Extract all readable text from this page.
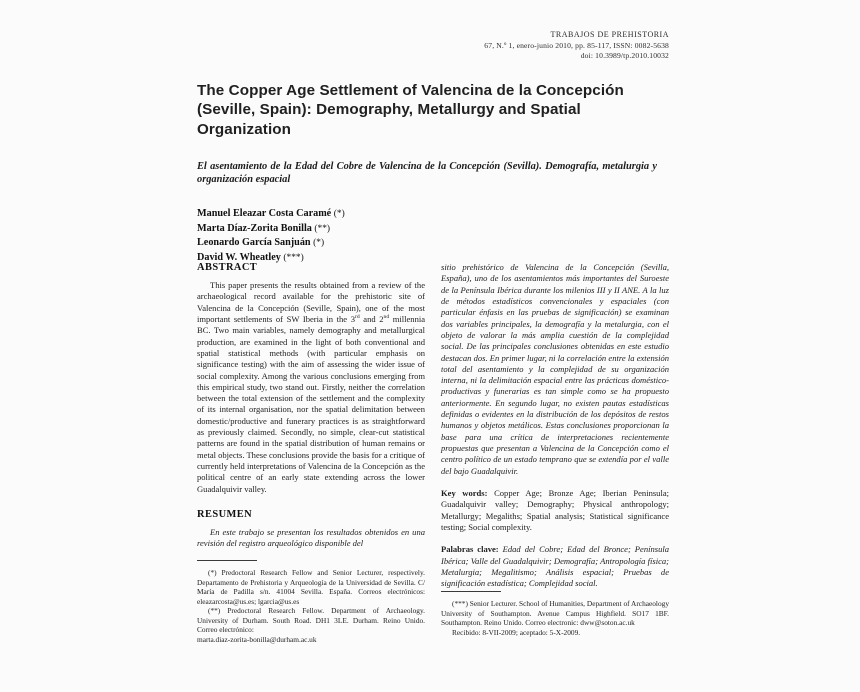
TRABAJOS DE PREHISTORIA
67, N.º 1, enero-junio 2010, pp. 85-117, ISSN: 0082-5638
doi: 10.3989/tp.2010.10032
The Copper Age Settlement of Valencina de la Concepción (Seville, Spain): Demography, Metallurgy and Spatial Organization
El asentamiento de la Edad del Cobre de Valencina de la Concepción (Sevilla). Demografía, metalurgia y organización espacial
Manuel Eleazar Costa Caramé (*)
Marta Díaz-Zorita Bonilla (**)
Leonardo García Sanjuán (*)
David W. Wheatley (***)
ABSTRACT

This paper presents the results obtained from a review of the archaeological record available for the prehistoric site of Valencina de la Concepción (Seville, Spain), one of the most important settlements of SW Iberia in the 3rd and 2nd millennia BC. Two main variables, namely demography and metallurgical production, are examined in the light of both conventional and spatial statistical methods (with particular emphasis on significance testing) with the aim of assessing the wider issue of social complexity. Among the various conclusions emerging from this empirical study, two stand out. Firstly, neither the correlation between the total extension of the settlement and the complexity of its internal organisation, nor the spatial delimitation between domestic/productive and funerary practices is as straightforward as previously claimed. Secondly, no simple, clear-cut statistical patterns are found in the spatial distribution of human remains or metal objects. These conclusions provide the basis for a critique of currently held interpretations of Valencina de la Concepción as the political centre of an early state extending across the lower Guadalquivir valley.

RESUMEN

En este trabajo se presentan los resultados obtenidos en una revisión del registro arqueológico disponible del

sitio prehistórico de Valencina de la Concepción (Sevilla, España), uno de los asentamientos más importantes del Suroeste de la Península Ibérica durante los milenios III y II ANE. A la luz de métodos estadísticos convencionales y espaciales (con particular énfasis en las pruebas de significación) se examinan dos variables principales, la demografía y la metalurgia, con el objeto de valorar la más amplia cuestión de la complejidad social. De las principales conclusiones obtenidas en este estudio destacan dos. En primer lugar, ni la correlación entre la extensión total del asentamiento y la complejidad de su organización interna, ni la delimitación espacial entre las prácticas doméstico-productivas y funerarias es tan simple como se ha propuesto anteriormente. En segundo lugar, no existen pautas estadísticas definidas o evidentes en la distribución de los depósitos de restos humanos y objetos metálicos. Estas conclusiones proporcionan la base para una crítica de interpretaciones recientemente propuestas que presentan a Valencina de la Concepción como el centro político de un estado temprano que se extendía por el valle del bajo Guadalquivir.

Key words: Copper Age; Bronze Age; Iberian Peninsula; Guadalquivir valley; Demography; Physical anthropology; Metallurgy; Megaliths; Spatial analysis; Statistical significance testing; Social complexity.
Palabras clave: Edad del Cobre; Edad del Bronce; Península Ibérica; Valle del Guadalquivir; Demografía; Antropología física; Metalurgia; Megalitismo; Análisis espacial; Pruebas de significación estadística; Complejidad social.

(*) Predoctoral Research Fellow and Senior Lecturer, respectively. Departamento de Prehistoria y Arqueología de la Universidad de Sevilla. C/ María de Padilla s/n. 41004 Sevilla. España. Correos electrónicos: eleazarcosta@us.es; lgarcia@us.es

(**) Predoctoral Research Fellow. Department of Archaeology. University of Durham. South Road. DH1 3LE. Durham. Reino Unido. Correo electrónico:

marta.diaz-zorita-bonilla@durham.ac.uk

(***) Senior Lecturer. School of Humanities, Department of Archaeology University of Southampton. Avenue Campus Highfield. SO17 1BF. Southampton. Reino Unido. Correo electronic: dww@soton.ac.uk

Recibido: 8-VII-2009; aceptado: 5-X-2009.
